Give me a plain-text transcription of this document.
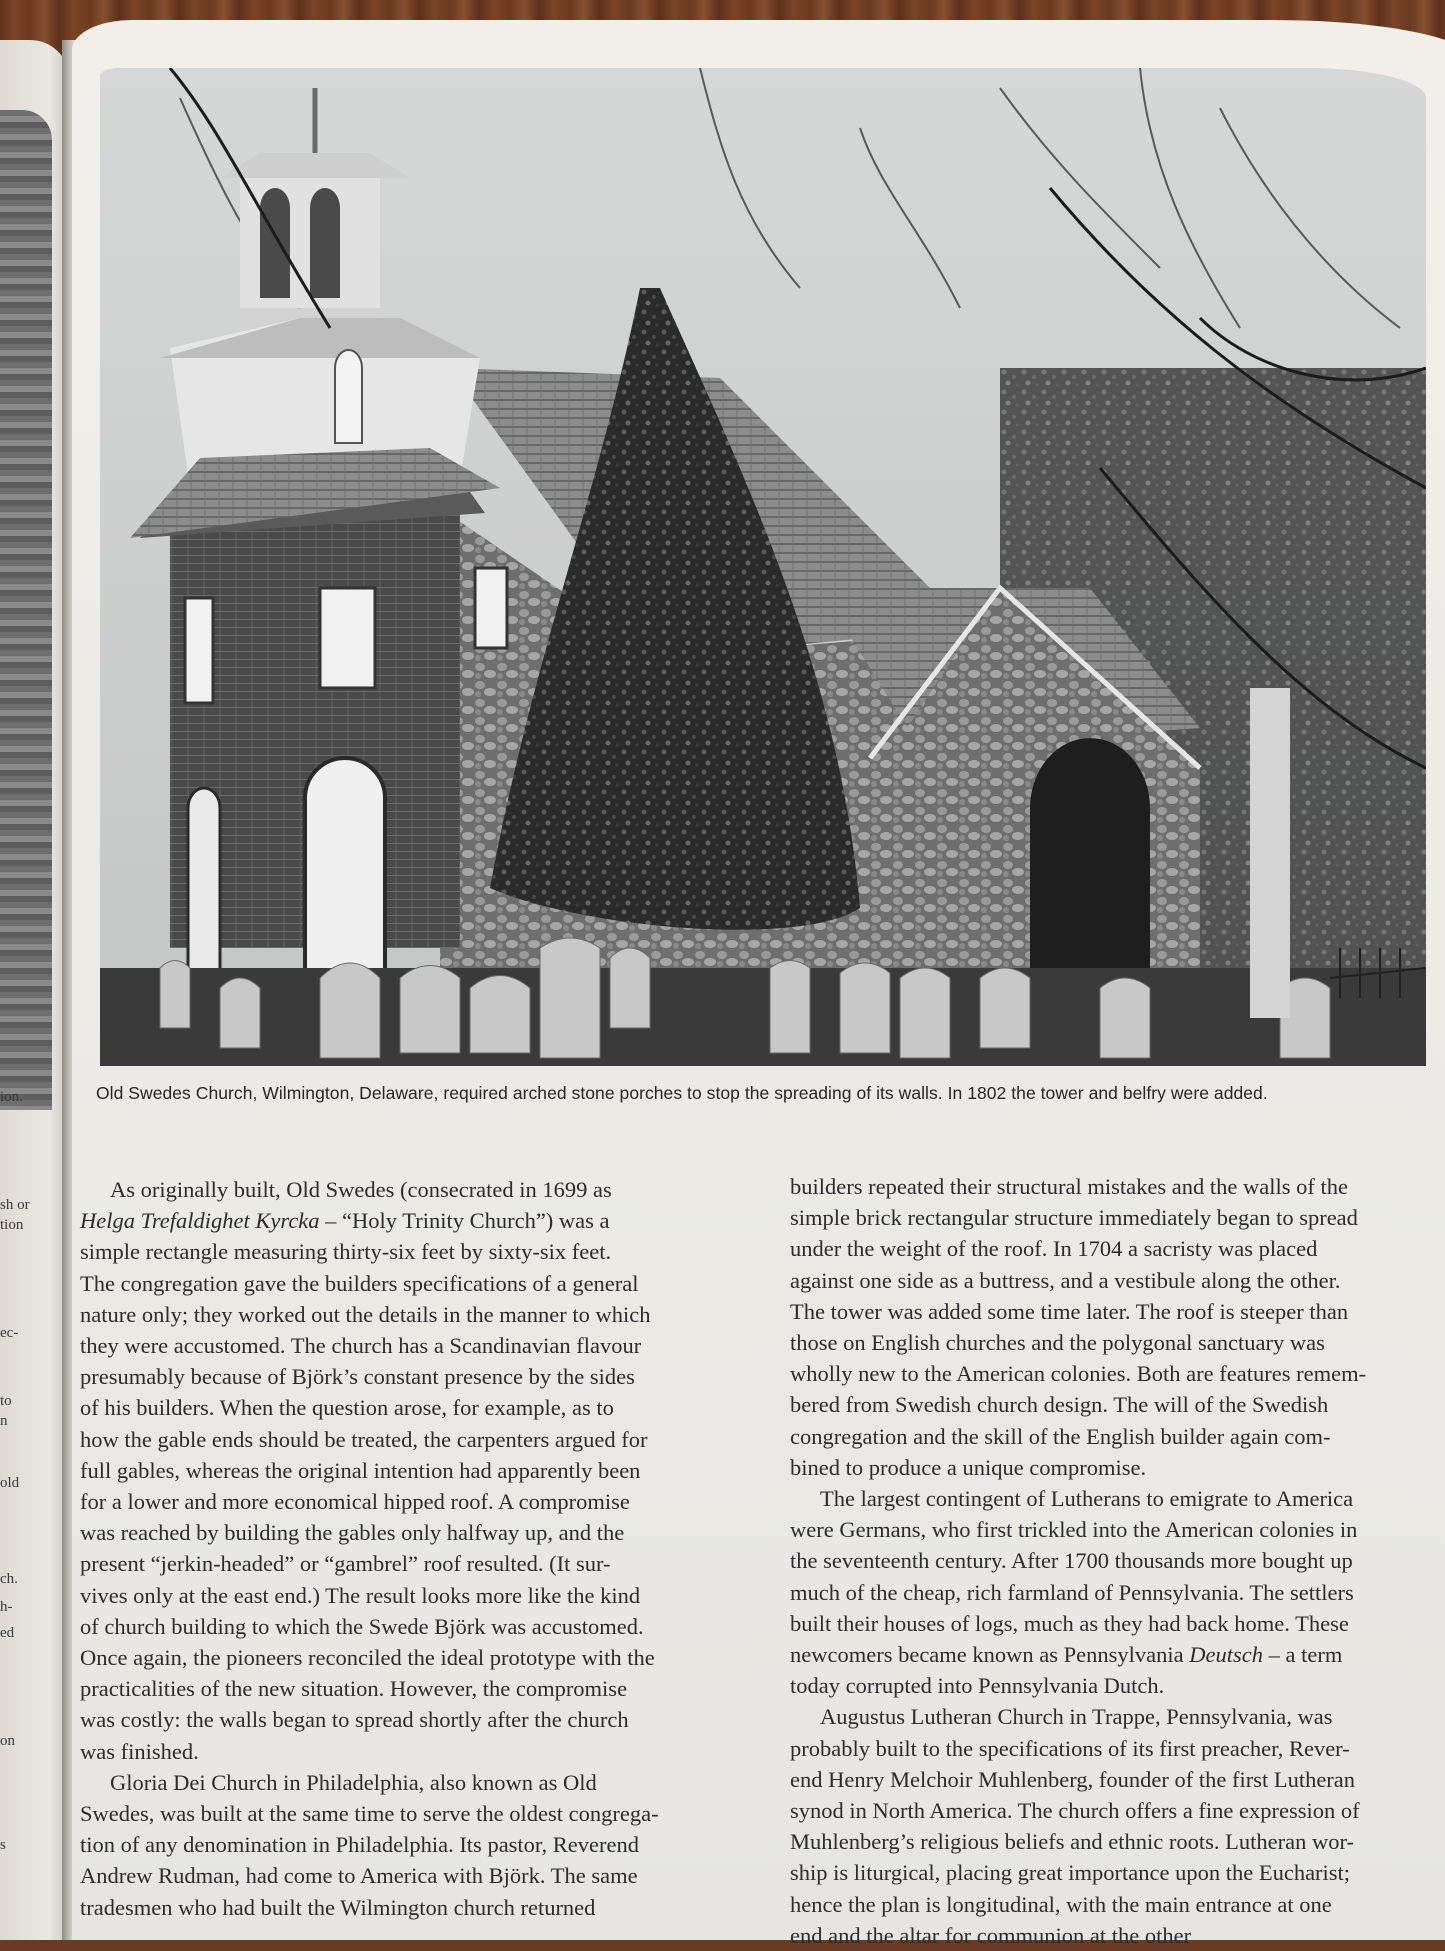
ion.
sh or
tion
ec-
to
n
old
ch.
h-
ed
on
s
Old Swedes Church, Wilmington, Delaware, required arched stone porches to stop the spreading of its walls. In 1802 the tower and belfry were added.

As originally built, Old Swedes (consecrated in 1699 as

Helga Trefaldighet Kyrcka – “Holy Trinity Church”) was a

simple rectangle measuring thirty-six feet by sixty-six feet.

The congregation gave the builders specifications of a general

nature only; they worked out the details in the manner to which

they were accustomed. The church has a Scandinavian flavour

presumably because of Björk’s constant presence by the sides

of his builders. When the question arose, for example, as to

how the gable ends should be treated, the carpenters argued for

full gables, whereas the original intention had apparently been

for a lower and more economical hipped roof. A compromise

was reached by building the gables only halfway up, and the

present “jerkin-headed” or “gambrel” roof resulted. (It sur-

vives only at the east end.) The result looks more like the kind

of church building to which the Swede Björk was accustomed.

Once again, the pioneers reconciled the ideal prototype with the

practicalities of the new situation. However, the compromise

was costly: the walls began to spread shortly after the church

was finished.

Gloria Dei Church in Philadelphia, also known as Old

Swedes, was built at the same time to serve the oldest congrega-

tion of any denomination in Philadelphia. Its pastor, Reverend

Andrew Rudman, had come to America with Björk. The same

tradesmen who had built the Wilmington church returned

builders repeated their structural mistakes and the walls of the

simple brick rectangular structure immediately began to spread

under the weight of the roof. In 1704 a sacristy was placed

against one side as a buttress, and a vestibule along the other.

The tower was added some time later. The roof is steeper than

those on English churches and the polygonal sanctuary was

wholly new to the American colonies. Both are features remem-

bered from Swedish church design. The will of the Swedish

congregation and the skill of the English builder again com-

bined to produce a unique compromise.

The largest contingent of Lutherans to emigrate to America

were Germans, who first trickled into the American colonies in

the seventeenth century. After 1700 thousands more bought up

much of the cheap, rich farmland of Pennsylvania. The settlers

built their houses of logs, much as they had back home. These

newcomers became known as Pennsylvania Deutsch – a term

today corrupted into Pennsylvania Dutch.

Augustus Lutheran Church in Trappe, Pennsylvania, was

probably built to the specifications of its first preacher, Rever-

end Henry Melchoir Muhlenberg, founder of the first Lutheran

synod in North America. The church offers a fine expression of

Muhlenberg’s religious beliefs and ethnic roots. Lutheran wor-

ship is liturgical, placing great importance upon the Eucharist;

hence the plan is longitudinal, with the main entrance at one

end and the altar for communion at the other
